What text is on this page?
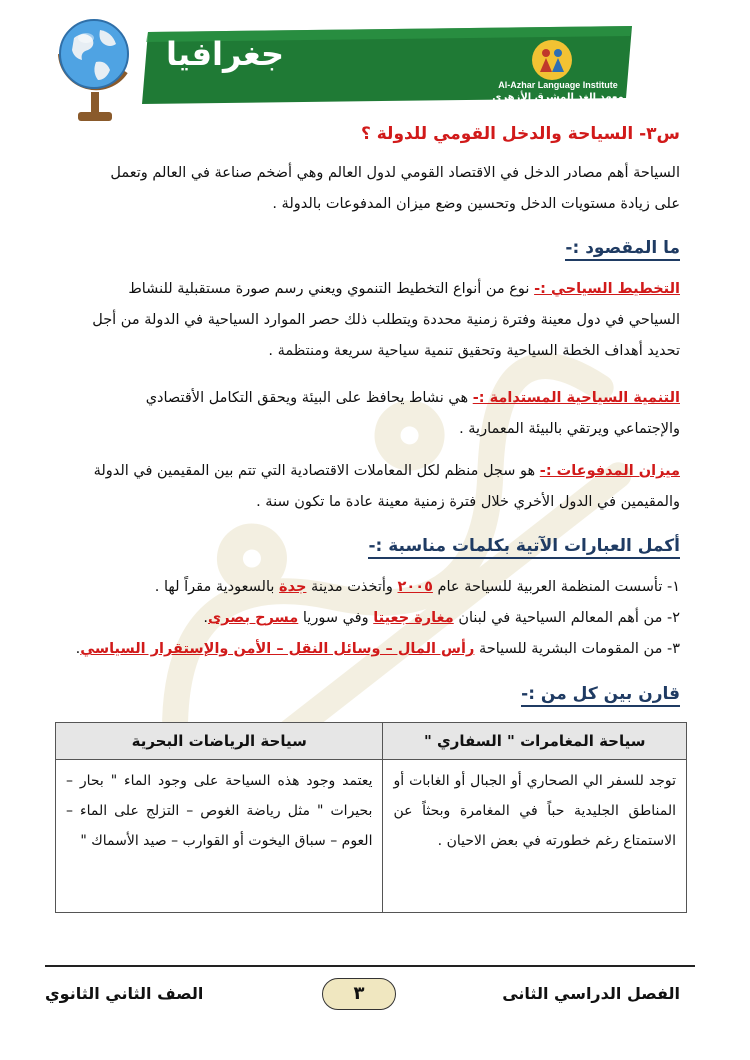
جغرافيا
Al-Azhar Language Institute
معهد الغد المشرق الأزهري
س٣- السياحة والدخل القومي للدولة ؟
السياحة أهم مصادر الدخل في الاقتصاد القومي لدول العالم وهي أضخم صناعة في العالم وتعمل
على زيادة مستويات الدخل وتحسين وضع ميزان المدفوعات بالدولة .
ما المقصود :-
التخطيط السياحي :- نوع من أنواع التخطيط التنموي ويعني رسم صورة مستقبلية للنشاط
السياحي في دول معينة وفترة زمنية محددة ويتطلب ذلك حصر الموارد السياحية في الدولة من أجل
تحديد أهداف الخطة السياحية وتحقيق تنمية سياحية سريعة ومنتظمة .
التنمية السياحية المستدامة :- هي نشاط يحافظ على البيئة ويحقق التكامل الأقتصادي
والإجتماعي ويرتقي بالبيئة المعمارية .
ميزان المدفوعات :- هو سجل منظم لكل المعاملات الاقتصادية التي تتم بين المقيمين في الدولة
والمقيمين في الدول الأخري خلال فترة زمنية معينة عادة ما تكون سنة .
أكمل العبارات الآتية بكلمات مناسبة :-
١- تأسست المنظمة العربية للسياحة عام ٢٠٠٥ وأتخذت مدينة جدة بالسعودية مقراً لها .
٢- من أهم المعالم السياحية في لبنان مغارة جعيتا وفي سوريا مسرح بصرى.
٣- من المقومات البشرية للسياحة رأس المال – وسائل النقل – الأمن والإستقرار السياسي.
قارن بين كل من :-
سياحة المغامرات " السفاري "	سياحة الرياضات البحرية
توجد للسفر الي الصحاري أو الجبال أو الغابات أو المناطق الجليدية حباً في المغامرة وبحثاً عن الاستمتاع رغم خطورته في بعض الاحيان .	يعتمد وجود هذه السياحة على وجود الماء " بحار – بحيرات " مثل رياضة الغوص – التزلج على الماء – العوم – سباق اليخوت أو القوارب – صيد الأسماك "
الفصل الدراسي الثانى
٣
الصف الثاني الثانوي
